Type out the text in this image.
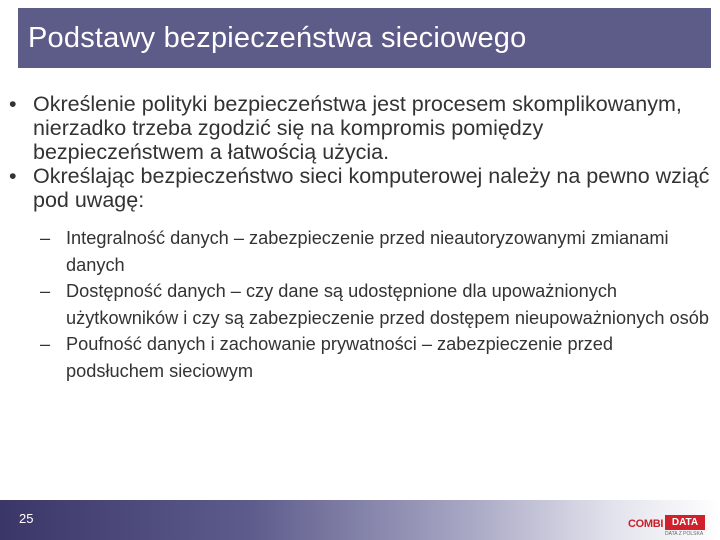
Podstawy bezpieczeństwa sieciowego
• Określenie polityki bezpieczeństwa jest procesem skomplikowanym, nierzadko trzeba zgodzić się na kompromis pomiędzy bezpieczeństwem a łatwością użycia.
• Określając bezpieczeństwo sieci komputerowej należy na pewno wziąć pod uwagę:
– Integralność danych – zabezpieczenie przed nieautoryzowanymi zmianami danych
– Dostępność danych – czy dane są udostępnione dla upoważnionych użytkowników i czy są zabezpieczenie przed dostępem nieupoważnionych osób
– Poufność danych i zachowanie prywatności – zabezpieczenie przed podsłuchem sieciowym
25	COMBI DATA
DATA Z POLSKA
